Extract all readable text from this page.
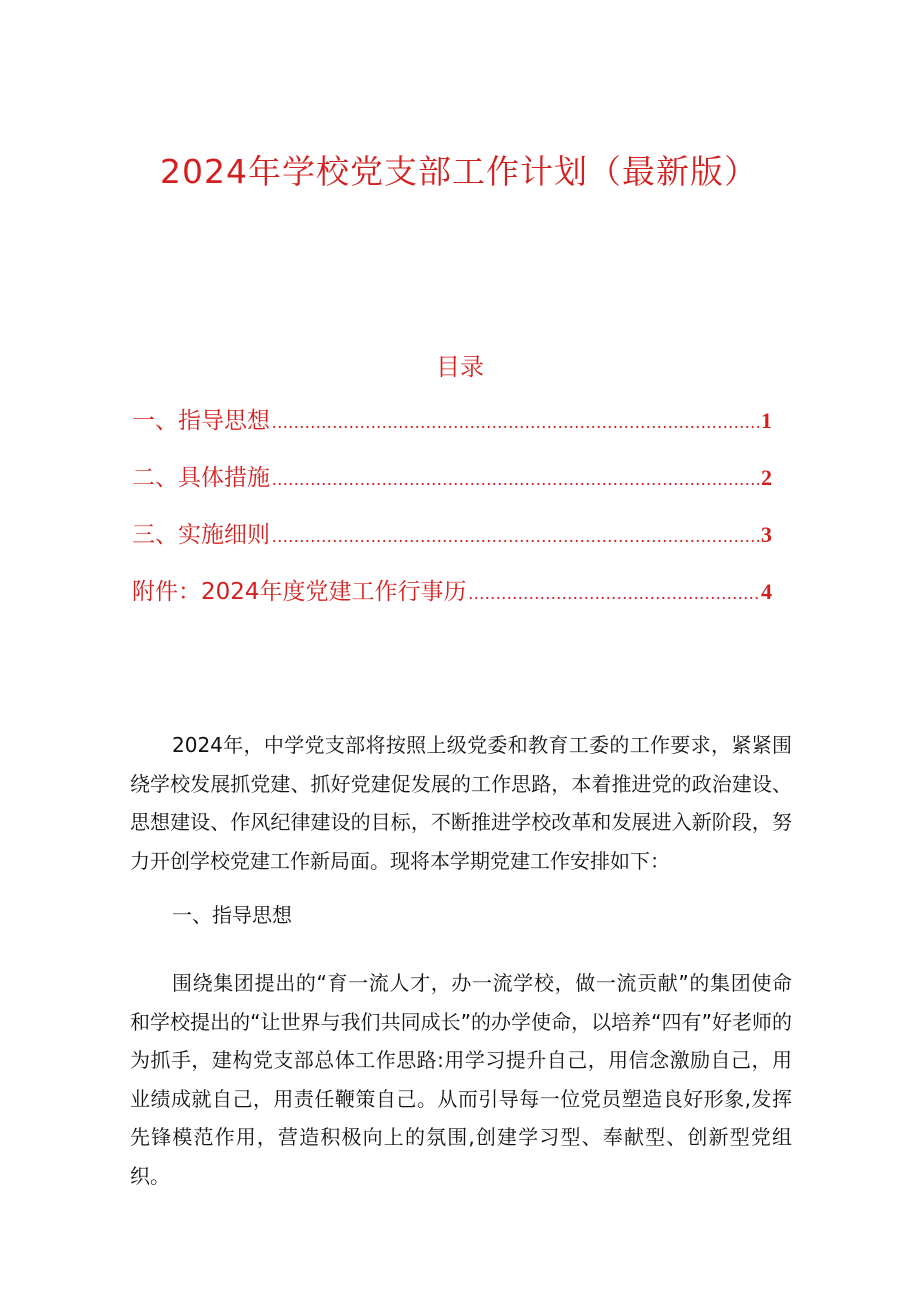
2024年学校党支部工作计划（最新版）
目录
一、指导思想 .....	1
二、具体措施 .....	2
三、实施细则 .....	3
附件：2024年度党建工作行事历 .....	4

2024年，中学党支部将按照上级党委和教育工委的工作要求，紧紧围绕学校发展抓党建、抓好党建促发展的工作思路，本着推进党的政治建设、思想建设、作风纪律建设的目标，不断推进学校改革和发展进入新阶段，努力开创学校党建工作新局面。现将本学期党建工作安排如下：

一、指导思想

围绕集团提出的“育一流人才，办一流学校，做一流贡献”的集团使命和学校提出的“让世界与我们共同成长”的办学使命，以培养“四有”好老师的为抓手，建构党支部总体工作思路:用学习提升自己，用信念激励自己，用业绩成就自己，用责任鞭策自己。从而引导每一位党员塑造良好形象,发挥先锋模范作用，营造积极向上的氛围,创建学习型、奉献型、创新型党组织。
